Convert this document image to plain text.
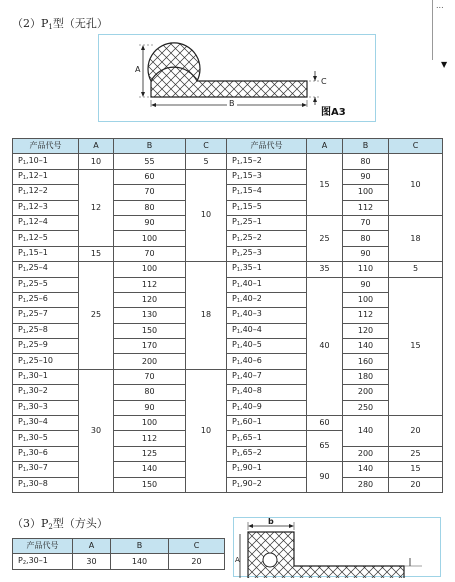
...
▼
$(2)P_1$型（无孔）
A
B
C
图A3
产品代号	A	B	C		产品代号	A	B	C
$P_1,10-1$	10	55	5		$P_1,15-2$	15	80	10
$P_1,12-1$	12	60	10		$P_1,15-3$		90	
$P_1,12-2$		70		$P_1,15-4$		100	
$P_1,12-3$		80		$P_1,15-5$		112	
$P_1,12-4$		90		$P_1,25-1$	25	70	18
$P_1,12-5$		100		$P_1,25-2$		80	
$P_1,15-1$	15	70		$P_1,25-3$		90	
$P_1,25-4$	25	100	18		$P_1,35-1$	35	110	5
$P_1,25-5$		112		$P_1,40-1$	40	90	15
$P_1,25-6$		120		$P_1,40-2$		100	
$P_1,25-7$		130		$P_1,40-3$		112	
$P_1,25-8$		150		$P_1,40-4$		120	
$P_1,25-9$		170		$P_1,40-5$		140	
$P_1,25-10$		200		$P_1,40-6$		160	
$P_1,30-1$	30	70	10		$P_1,40-7$		180	
$P_1,30-2$		80		$P_1,40-8$		200	
$P_1,30-3$		90		$P_1,40-9$		250	
$P_1,30-4$		100		$P_1,60-1$	60	140	20
$P_1,30-5$		112		$P_1,65-1$	65		
$P_1,30-6$		125		$P_1,65-2$		200	25
$P_1,30-7$		140		$P_1,90-1$	90	140	15
$P_1,30-8$		150		$P_1,90-2$		280	20
$(3)P_2$型（方头）
产品代号	A	B	C
$P_2,30-1$	30	140	20
b
A
